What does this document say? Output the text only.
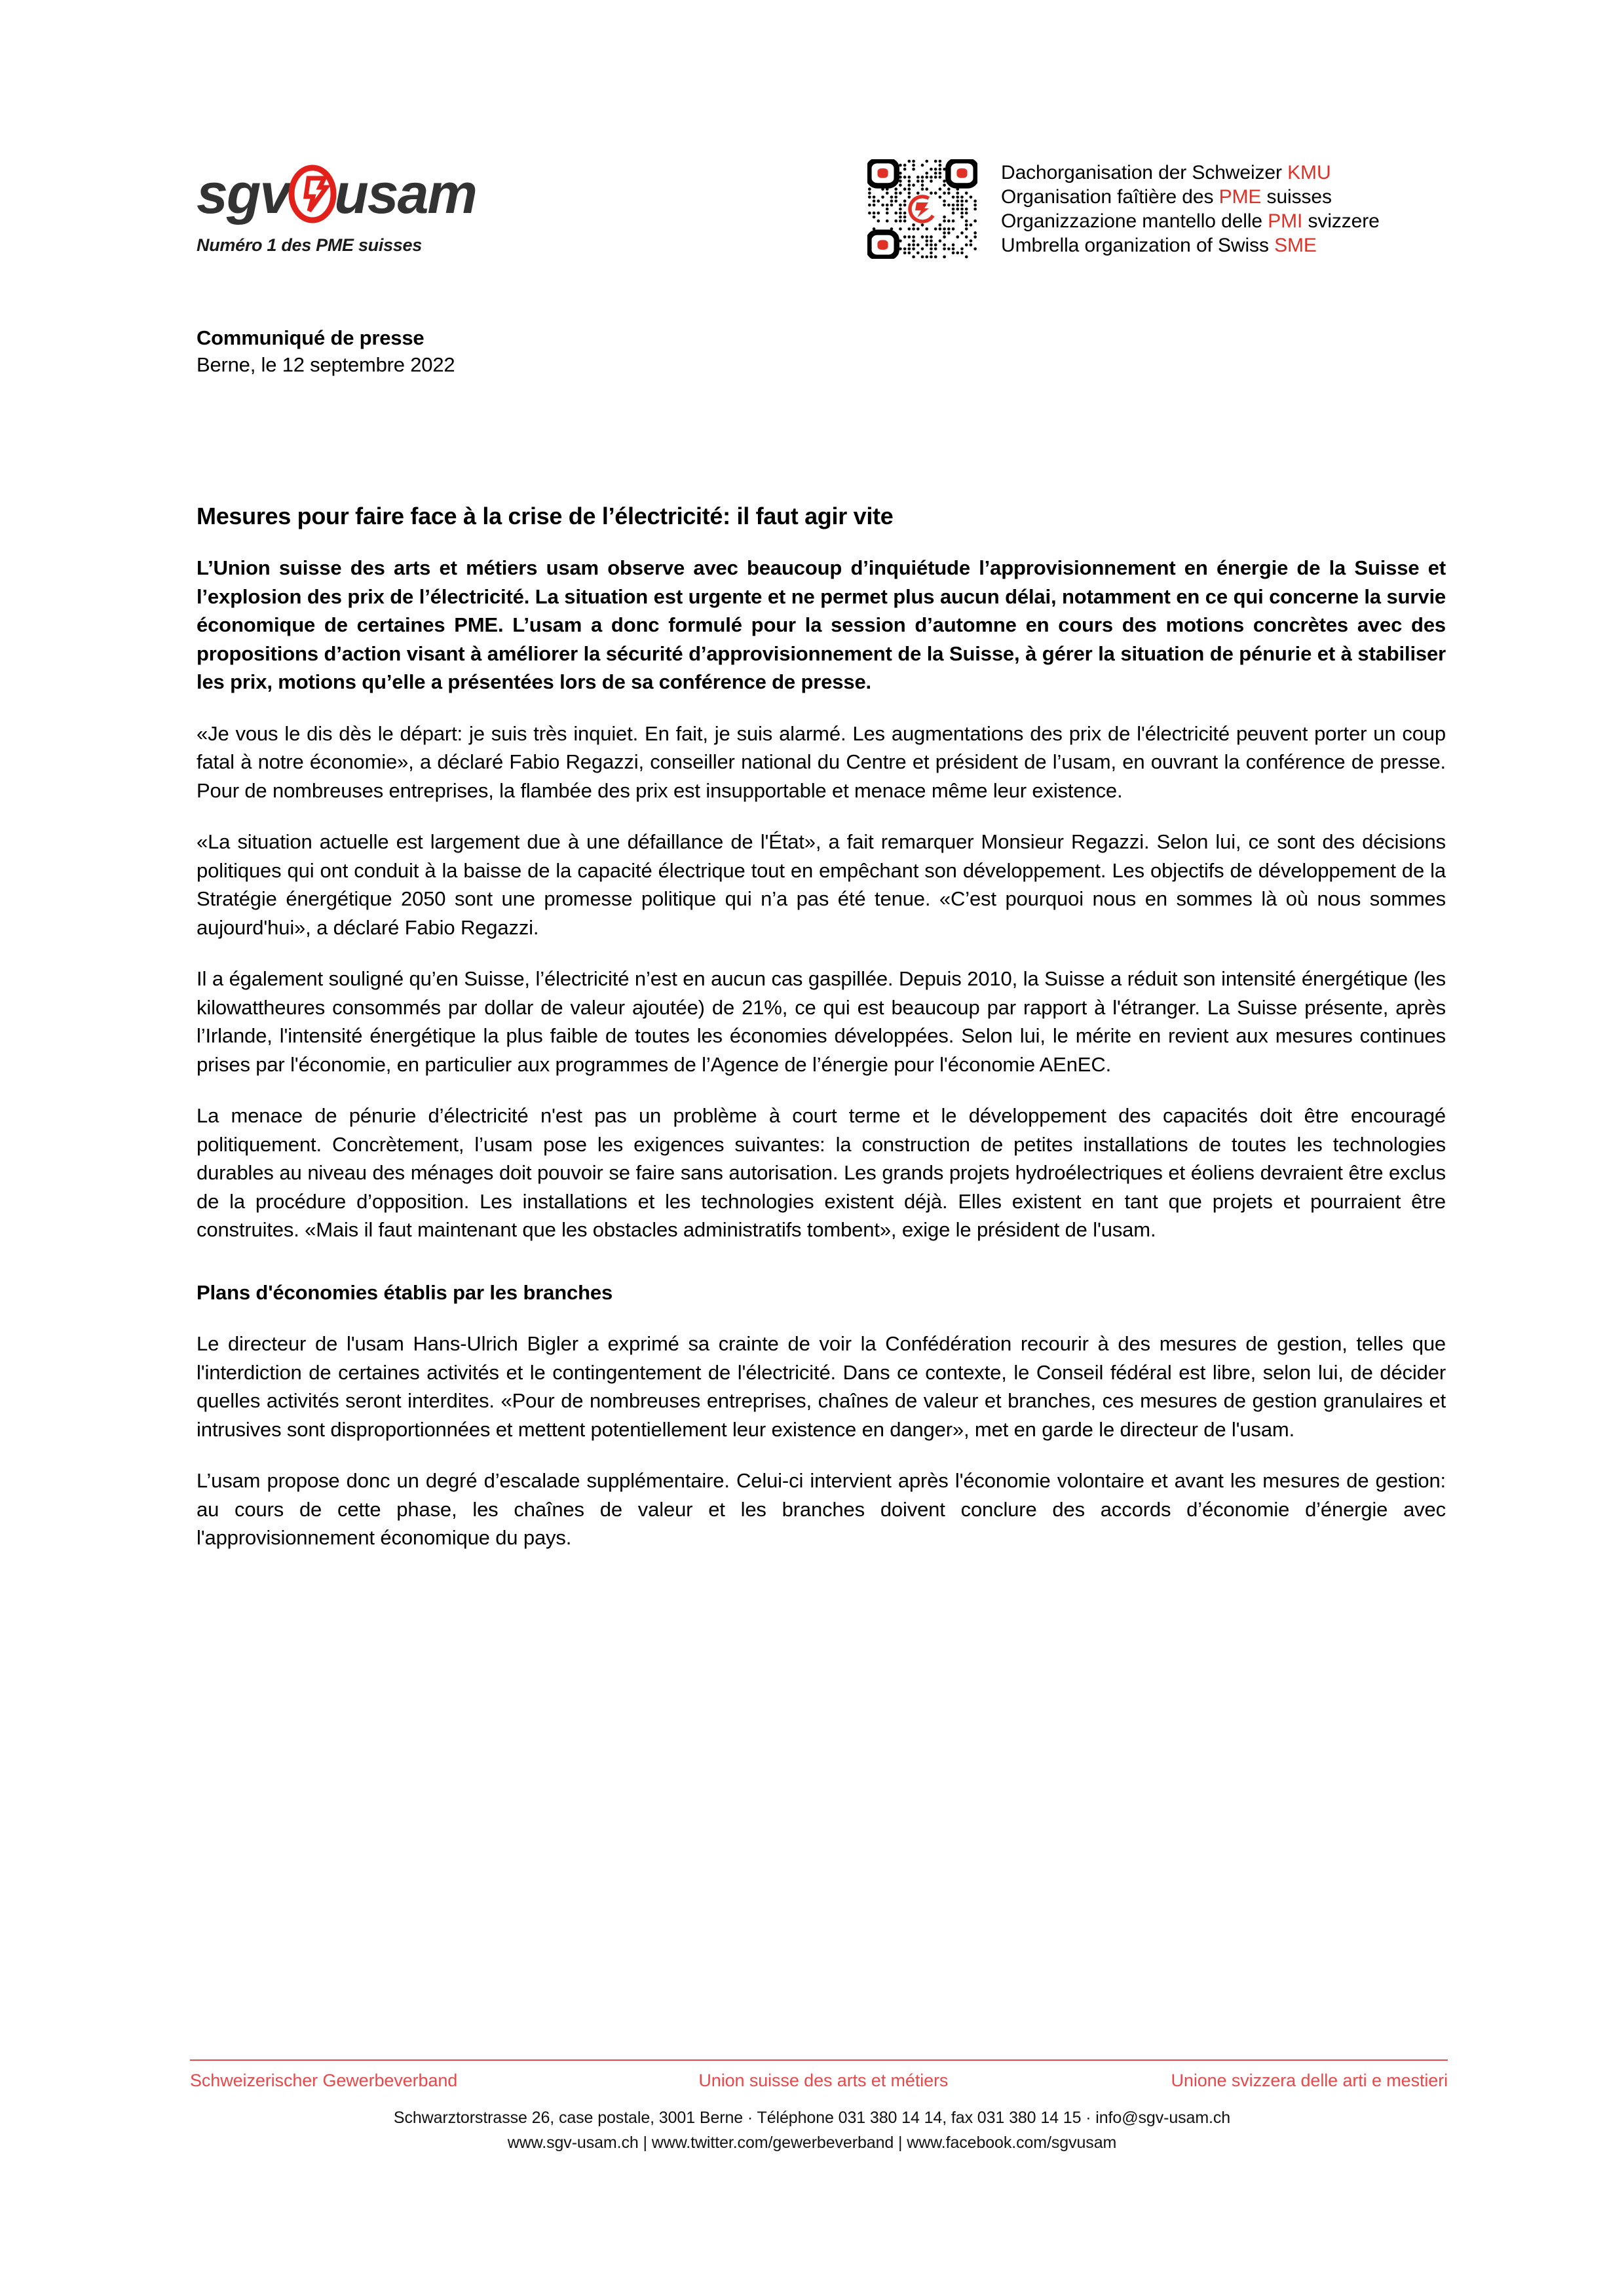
sgv usam
Numéro 1 des PME suisses
Dachorganisation der Schweizer KMU
Organisation faîtière des PME suisses
Organizzazione mantello delle PMI svizzere
Umbrella organization of Swiss SME
Communiqué de presse
Berne, le 12 septembre 2022
Mesures pour faire face à la crise de l’électricité: il faut agir vite

L’Union suisse des arts et métiers usam observe avec beaucoup d’inquiétude l’approvisionnement en énergie de la Suisse et l’explosion des prix de l’électricité. La situation est urgente et ne permet plus aucun délai, notamment en ce qui concerne la survie économique de certaines PME. L’usam a donc formulé pour la session d’automne en cours des motions concrètes avec des propositions d’action visant à améliorer la sécurité d’approvisionnement de la Suisse, à gérer la situation de pénurie et à stabiliser les prix, motions qu’elle a présentées lors de sa conférence de presse.

«Je vous le dis dès le départ: je suis très inquiet. En fait, je suis alarmé. Les augmentations des prix de l'électricité peuvent porter un coup fatal à notre économie», a déclaré Fabio Regazzi, conseiller national du Centre et président de l’usam, en ouvrant la conférence de presse. Pour de nombreuses entreprises, la flambée des prix est insupportable et menace même leur existence.

«La situation actuelle est largement due à une défaillance de l'État», a fait remarquer Monsieur Regazzi. Selon lui, ce sont des décisions politiques qui ont conduit à la baisse de la capacité électrique tout en empêchant son développement. Les objectifs de développement de la Stratégie énergétique 2050 sont une promesse politique qui n’a pas été tenue. «C’est pourquoi nous en sommes là où nous sommes aujourd'hui», a déclaré Fabio Regazzi.

Il a également souligné qu’en Suisse, l’électricité n’est en aucun cas gaspillée. Depuis 2010, la Suisse a réduit son intensité énergétique (les kilowattheures consommés par dollar de valeur ajoutée) de 21%, ce qui est beaucoup par rapport à l'étranger. La Suisse présente, après l’Irlande, l'intensité énergétique la plus faible de toutes les économies développées. Selon lui, le mérite en revient aux mesures continues prises par l'économie, en particulier aux programmes de l’Agence de l’énergie pour l'économie AEnEC.

La menace de pénurie d’électricité n'est pas un problème à court terme et le développement des capacités doit être encouragé politiquement. Concrètement, l’usam pose les exigences suivantes: la construction de petites installations de toutes les technologies durables au niveau des ménages doit pouvoir se faire sans autorisation. Les grands projets hydroélectriques et éoliens devraient être exclus de la procédure d’opposition. Les installations et les technologies existent déjà. Elles existent en tant que projets et pourraient être construites. «Mais il faut maintenant que les obstacles administratifs tombent», exige le président de l'usam.

Plans d'économies établis par les branches

Le directeur de l'usam Hans-Ulrich Bigler a exprimé sa crainte de voir la Confédération recourir à des mesures de gestion, telles que l'interdiction de certaines activités et le contingentement de l'électricité. Dans ce contexte, le Conseil fédéral est libre, selon lui, de décider quelles activités seront interdites. «Pour de nombreuses entreprises, chaînes de valeur et branches, ces mesures de gestion granulaires et intrusives sont disproportionnées et mettent potentiellement leur existence en danger», met en garde le directeur de l'usam.

L’usam propose donc un degré d’escalade supplémentaire. Celui-ci intervient après l'économie volontaire et avant les mesures de gestion: au cours de cette phase, les chaînes de valeur et les branches doivent conclure des accords d’économie d’énergie avec l'approvisionnement économique du pays.

Schweizerischer Gewerbeverband	Union suisse des arts et métiers	Unione svizzera delle arti e mestieri
Schwarztorstrasse 26, case postale, 3001 Berne · Téléphone 031 380 14 14, fax 031 380 14 15 · info@sgv-usam.ch
www.sgv-usam.ch | www.twitter.com/gewerbeverband | www.facebook.com/sgvusam
